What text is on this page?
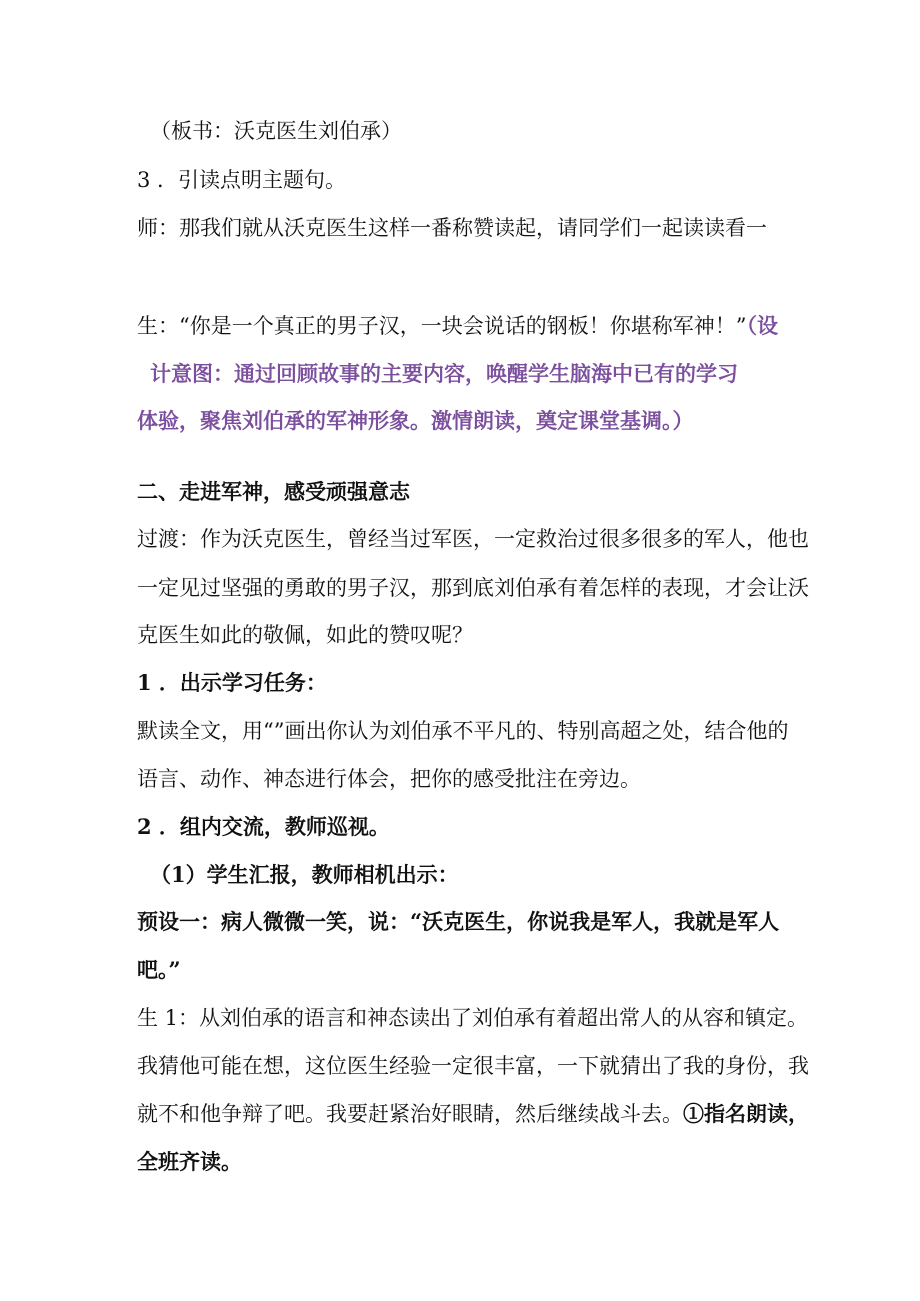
（板书：沃克医生刘伯承）
3 ．引读点明主题句。
师：那我们就从沃克医生这样一番称赞读起，请同学们一起读读看一
生：“你是一个真正的男子汉，一块会说话的钢板！你堪称军神！”（设
计意图：通过回顾故事的主要内容，唤醒学生脑海中已有的学习
体验，聚焦刘伯承的军神形象。激情朗读，奠定课堂基调。）
二、走进军神，感受顽强意志
过渡：作为沃克医生，曾经当过军医，一定救治过很多很多的军人，他也
一定见过坚强的勇敢的男子汉，那到底刘伯承有着怎样的表现，才会让沃
克医生如此的敬佩，如此的赞叹呢？
1 ．出示学习任务：
默读全文，用“”画出你认为刘伯承不平凡的、特别高超之处，结合他的
语言、动作、神态进行体会，把你的感受批注在旁边。
2 ．组内交流，教师巡视。
（1）学生汇报，教师相机出示：
预设一：病人微微一笑，说：“沃克医生，你说我是军人，我就是军人
吧。”
生 1：从刘伯承的语言和神态读出了刘伯承有着超出常人的从容和镇定。
我猜他可能在想，这位医生经验一定很丰富，一下就猜出了我的身份，我
就不和他争辩了吧。我要赶紧治好眼睛，然后继续战斗去。①指名朗读，
全班齐读。
